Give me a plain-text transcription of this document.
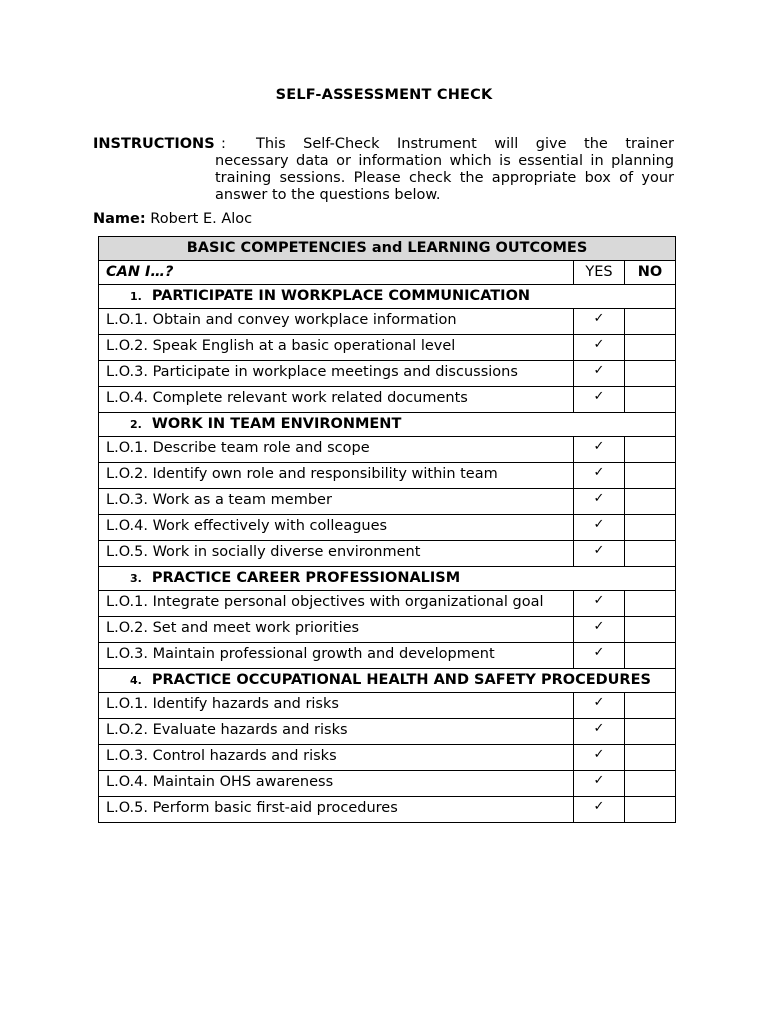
SELF-ASSESSMENT CHECK
INSTRUCTIONS :	This Self-Check Instrument will give the trainer necessary data or information which is essential in planning training sessions. Please check the appropriate box of your answer to the questions below.
Name: Robert E. Aloc
BASIC COMPETENCIES and LEARNING OUTCOMES		
CAN I…?	YES	NO
1. PARTICIPATE IN WORKPLACE COMMUNICATION		
L.O.1. Obtain and convey workplace information	✓	
L.O.2. Speak English at a basic operational level	✓	
L.O.3. Participate in workplace meetings and discussions	✓	
L.O.4. Complete relevant work related documents	✓	
2. WORK IN TEAM ENVIRONMENT		
L.O.1. Describe team role and scope	✓	
L.O.2. Identify own role and responsibility within team	✓	
L.O.3. Work as a team member	✓	
L.O.4. Work effectively with colleagues	✓	
L.O.5. Work in socially diverse environment	✓	
3. PRACTICE CAREER PROFESSIONALISM		
L.O.1. Integrate personal objectives with organizational goal	✓	
L.O.2. Set and meet work priorities	✓	
L.O.3. Maintain professional growth and development	✓	
4. PRACTICE OCCUPATIONAL HEALTH AND SAFETY PROCEDURES		
L.O.1. Identify hazards and risks	✓	
L.O.2. Evaluate hazards and risks	✓	
L.O.3. Control hazards and risks	✓	
L.O.4. Maintain OHS awareness	✓	
L.O.5. Perform basic first-aid procedures	✓	
